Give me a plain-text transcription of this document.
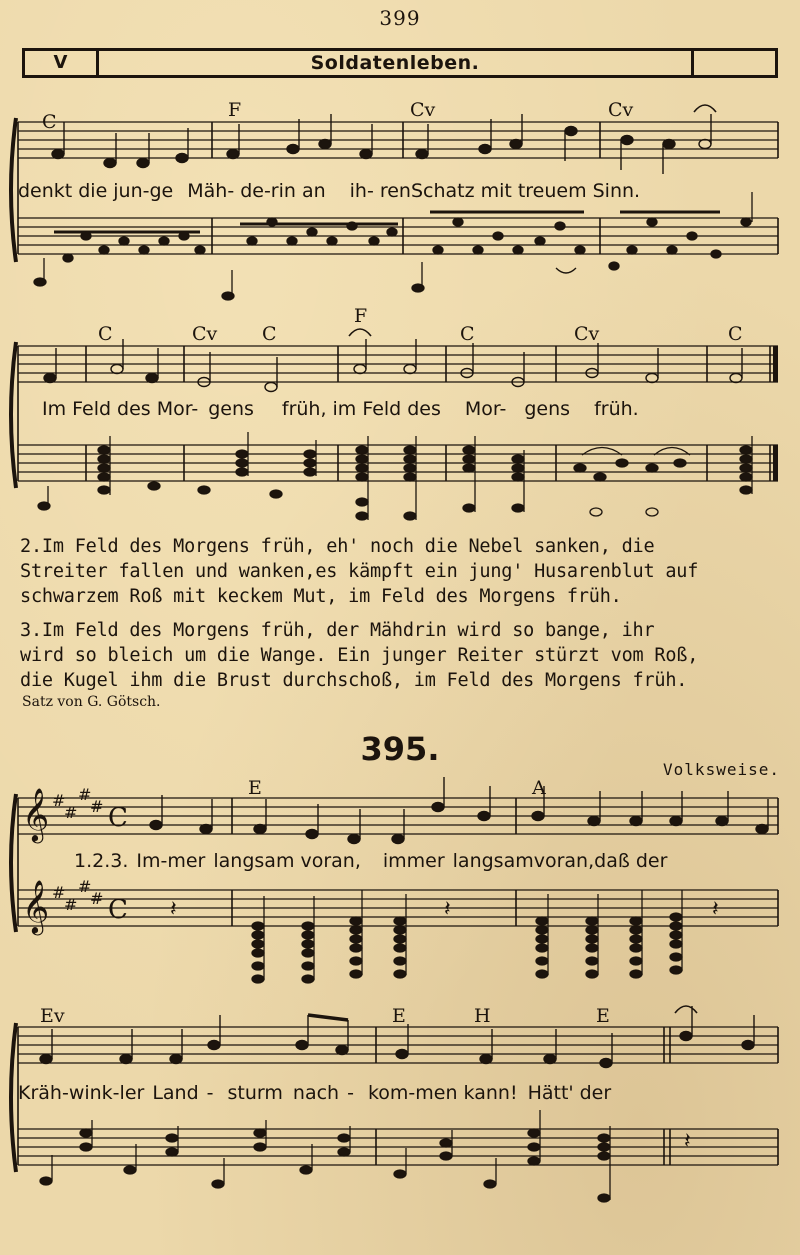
399
V	Soldatenleben.
𝄞
𝄞
#
#
#
#
#
#
#
#
C
C 𝄽	𝄽	𝄽
𝄽
C
F	Cv	Cv
C	Cv C
F
C	Cv	C
E	A
Ev	E	H	E
denkt die jun-ge Mäh- de-rin an ih- renSchatz mit treuem Sinn.
Im Feld des Mor- gens früh, im Feld des Mor- gens früh.
2.Im Feld des Morgens früh, eh' noch die Nebel sanken, die
Streiter fallen und wanken,es kämpft ein jung' Husarenblut auf
schwarzem Roß mit keckem Mut, im Feld des Morgens früh.
3.Im Feld des Morgens früh, der Mähdrin wird so bange, ihr
wird so bleich um die Wange. Ein junger Reiter stürzt vom Roß,
die Kugel ihm die Brust durchschoß, im Feld des Morgens früh.
Satz von G. Götsch.
395.
Volksweise.
1.2.3. Im-mer langsam voran, immer langsamvoran,daß der
Kräh-wink-ler Land - sturm nach - kom-men kann! Hätt' der
